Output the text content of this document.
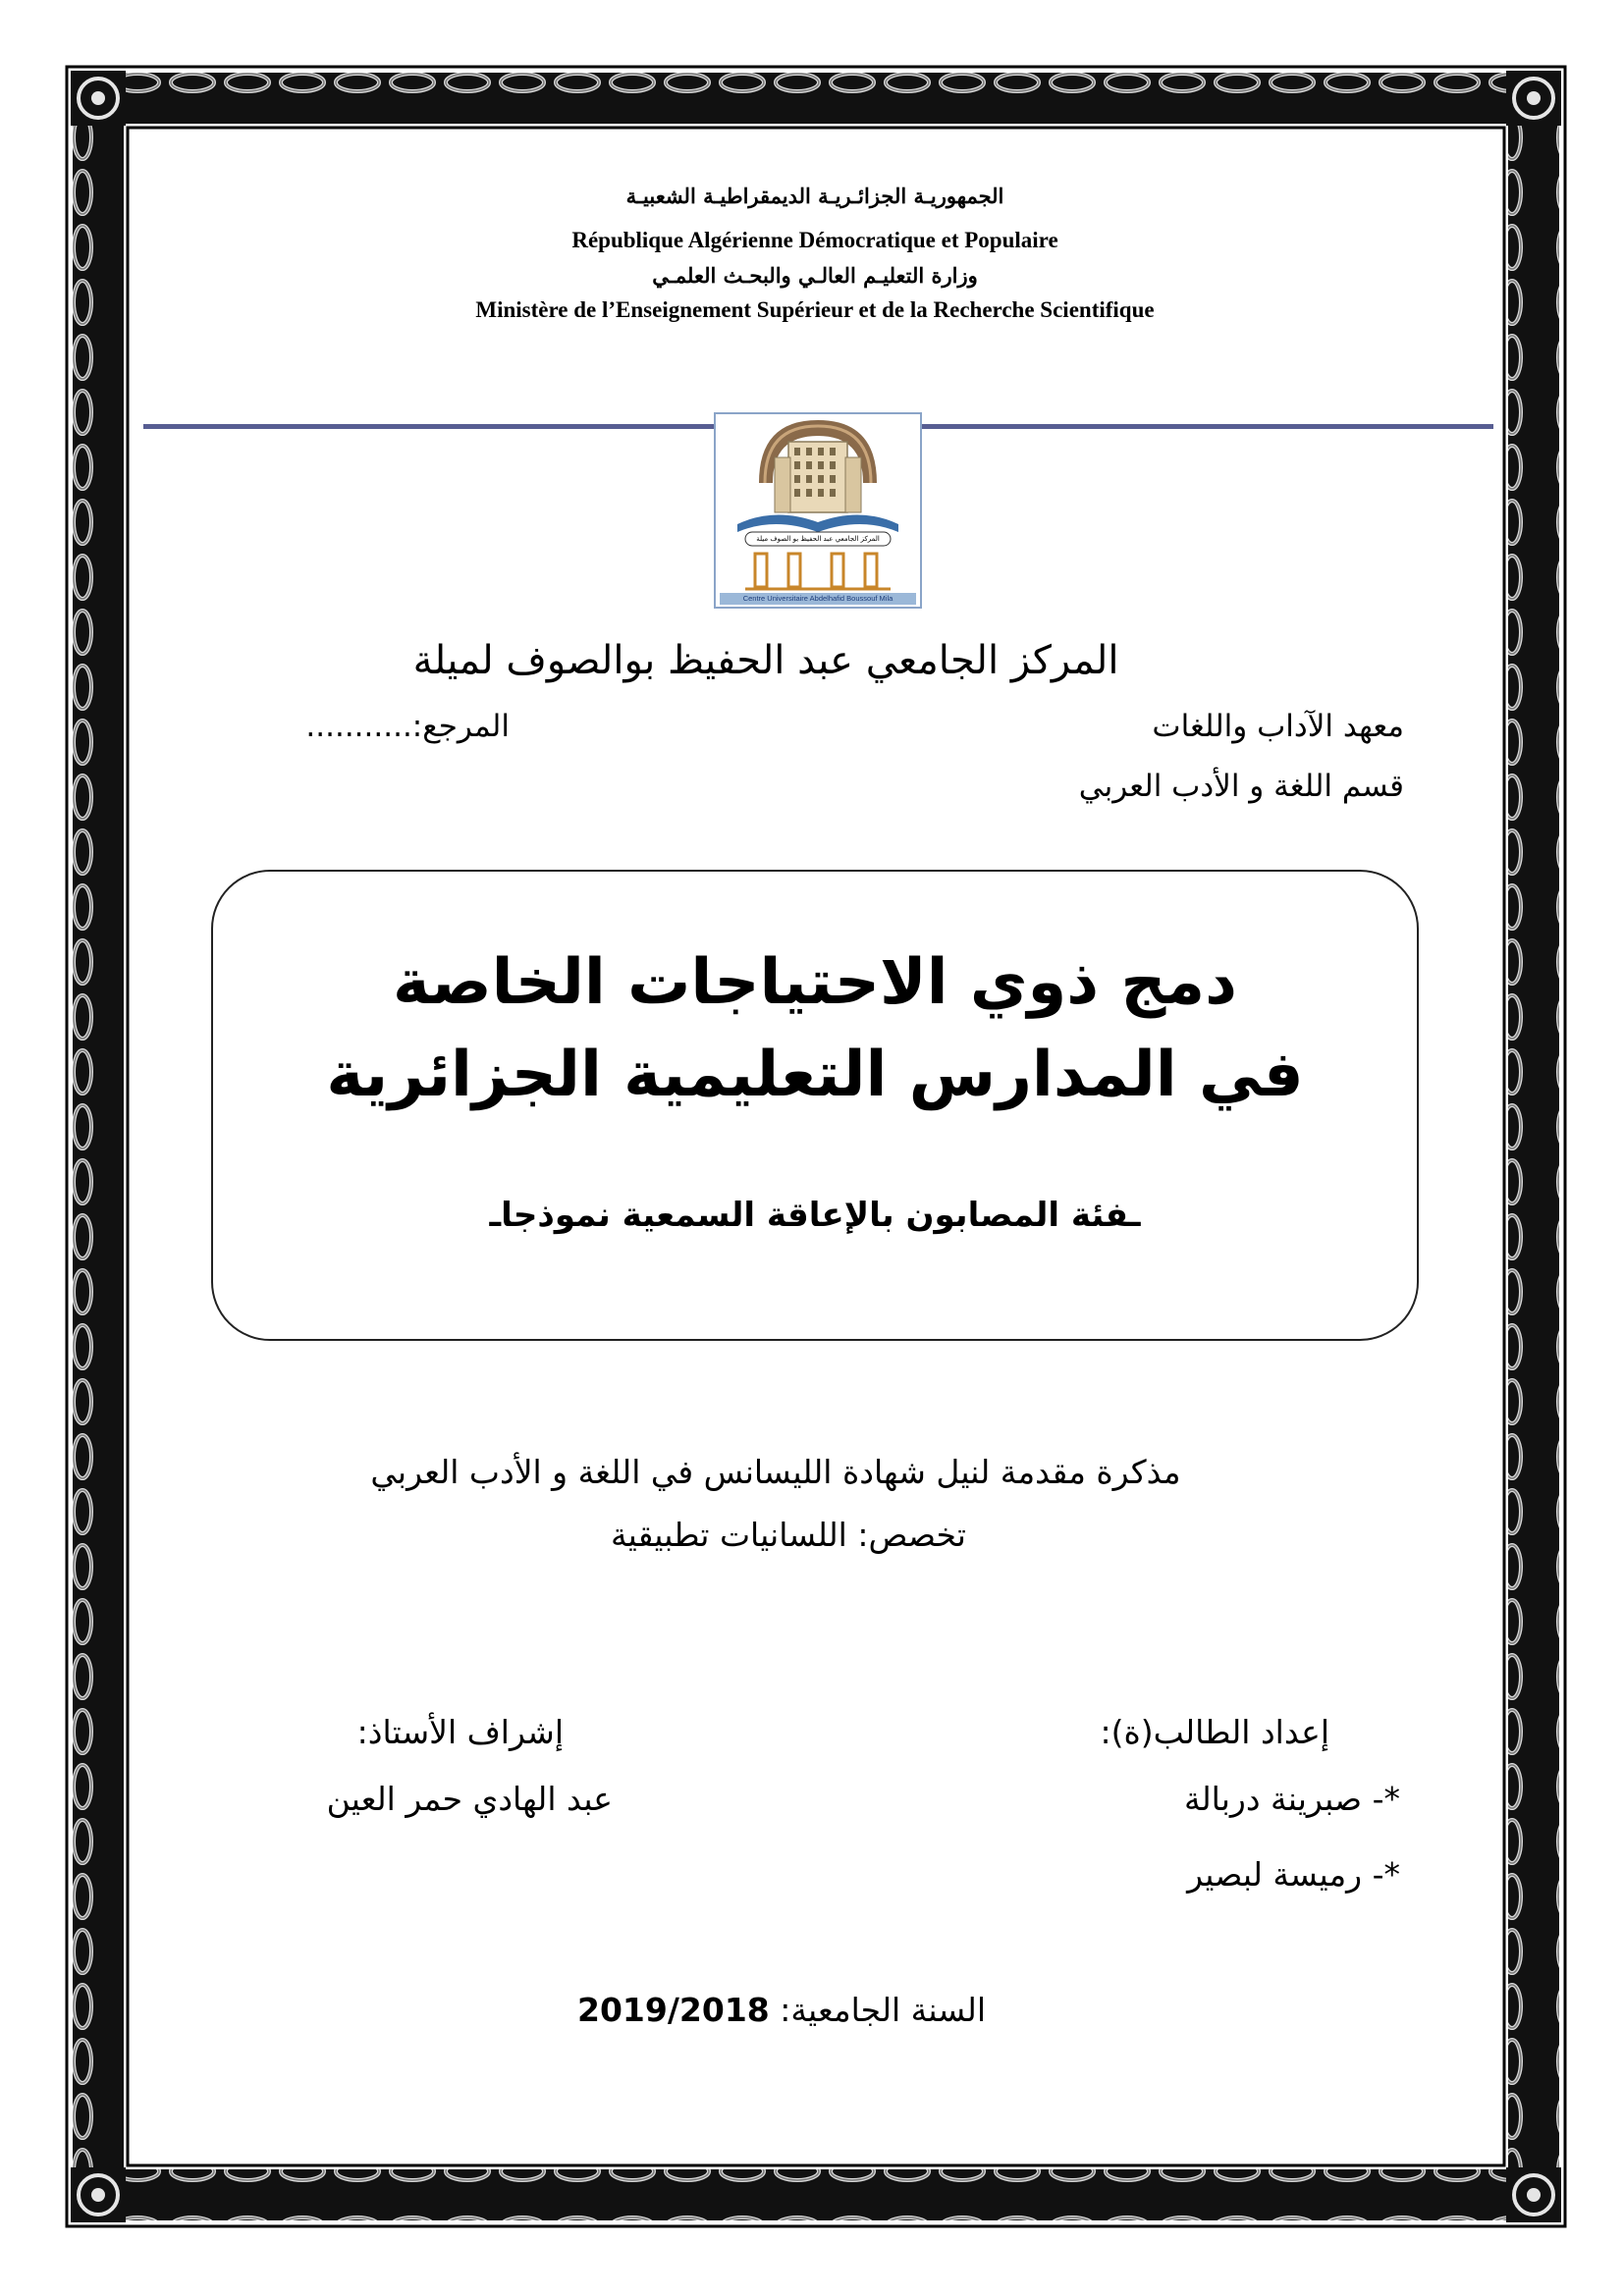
الجمهوريـة الجزائـريـة الديمقراطيـة الشعبيـة
République Algérienne Démocratique et Populaire
وزارة التعليـم العالـي والبحـث العلمـي
Ministère de l’Enseignement Supérieur et de la Recherche Scientifique
المركز الجامعي عبد الحفيظ بو الصوف ميلة
Centre Universitaire Abdelhafid Boussouf Mila
المركز الجامعي عبد الحفيظ بوالصوف لميلة
معهد الآداب واللغات
المرجع:...........
قسم اللغة و الأدب العربي
دمج ذوي الاحتياجات الخاصة
في المدارس التعليمية الجزائرية
ـفئة المصابون بالإعاقة السمعية نموذجاـ
مذكرة مقدمة لنيل شهادة الليسانس في اللغة و الأدب العربي
تخصص: اللسانيات تطبيقية
إعداد الطالب(ة):
*- صبرينة دربالة
*- رميسة لبصير
إشراف الأستاذ:
عبد الهادي حمر العين
السنة الجامعية: 2019/2018
